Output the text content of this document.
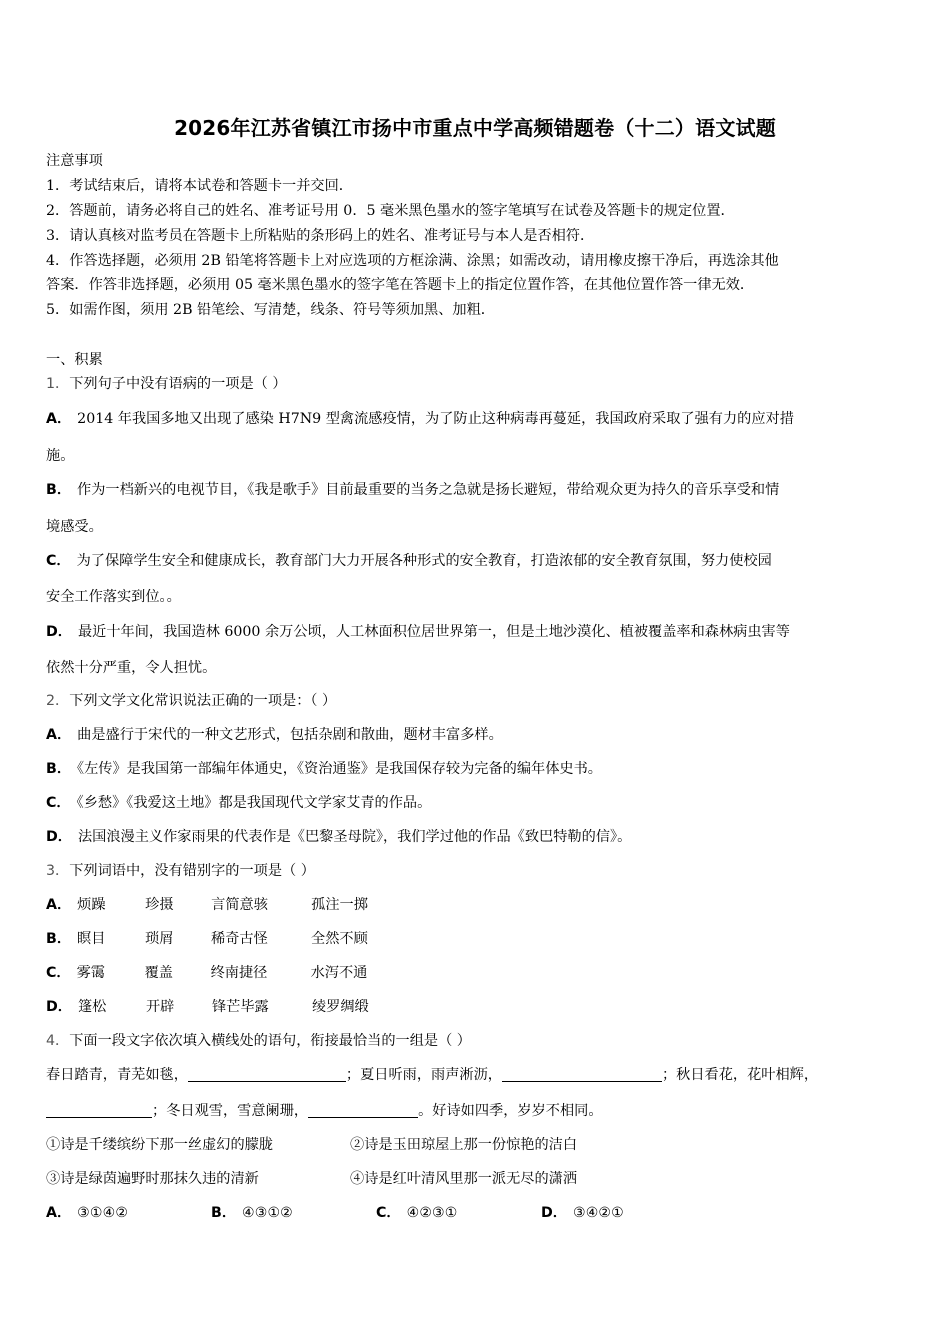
2026年江苏省镇江市扬中市重点中学高频错题卷（十二）语文试题
注意事项
1．考试结束后，请将本试卷和答题卡一并交回．
2．答题前，请务必将自己的姓名、准考证号用 0．5 毫米黑色墨水的签字笔填写在试卷及答题卡的规定位置．
3．请认真核对监考员在答题卡上所粘贴的条形码上的姓名、准考证号与本人是否相符．
4．作答选择题，必须用 2B 铅笔将答题卡上对应选项的方框涂满、涂黑；如需改动，请用橡皮擦干净后，再选涂其他
答案．作答非选择题，必须用 05 毫米黑色墨水的签字笔在答题卡上的指定位置作答，在其他位置作答一律无效．
5．如需作图，须用 2B 铅笔绘、写清楚，线条、符号等须加黑、加粗．
一、积累
1．下列句子中没有语病的一项是（ ）
A． 2014 年我国多地又出现了感染 H7N9 型禽流感疫情，为了防止这种病毒再蔓延，我国政府采取了强有力的应对措
施。
B． 作为一档新兴的电视节目，《我是歌手》目前最重要的当务之急就是扬长避短，带给观众更为持久的音乐享受和情
境感受。
C． 为了保障学生安全和健康成长，教育部门大力开展各种形式的安全教育，打造浓郁的安全教育氛围，努力使校园
安全工作落实到位。。
D． 最近十年间，我国造林 6000 余万公顷，人工林面积位居世界第一，但是土地沙漠化、植被覆盖率和森林病虫害等
依然十分严重，令人担忧。
2．下列文学文化常识说法正确的一项是：（ ）
A． 曲是盛行于宋代的一种文艺形式，包括杂剧和散曲，题材丰富多样。
B． 《左传》是我国第一部编年体通史，《资治通鉴》是我国保存较为完备的编年体史书。
C． 《乡愁》《我爱这土地》都是我国现代文学家艾青的作品。
D． 法国浪漫主义作家雨果的代表作是《巴黎圣母院》，我们学过他的作品《致巴特勒的信》。
3．下列词语中，没有错别字的一项是（ ）
A． 烦躁	珍摄	言简意骇	孤注一掷
B． 瞑目	琐屑	稀奇古怪	全然不顾
C． 雾霭	覆盖	终南捷径	水泻不通
D． 篷松	开辟	锋芒毕露	绫罗绸缎
4．下面一段文字依次填入横线处的语句，衔接最恰当的一组是（ ）
春日踏青，青芜如毯，	；夏日听雨，雨声淅沥，	；秋日看花，花叶相辉，
；冬日观雪，雪意阑珊，	。好诗如四季，岁岁不相同。
①诗是千缕缤纷下那一丝虚幻的朦胧	②诗是玉田琼屋上那一份惊艳的洁白
③诗是绿茵遍野时那抹久违的清新	④诗是红叶清风里那一派无尽的潇洒
A． ③①④②	B． ④③①②	C． ④②③①	D． ③④②①
